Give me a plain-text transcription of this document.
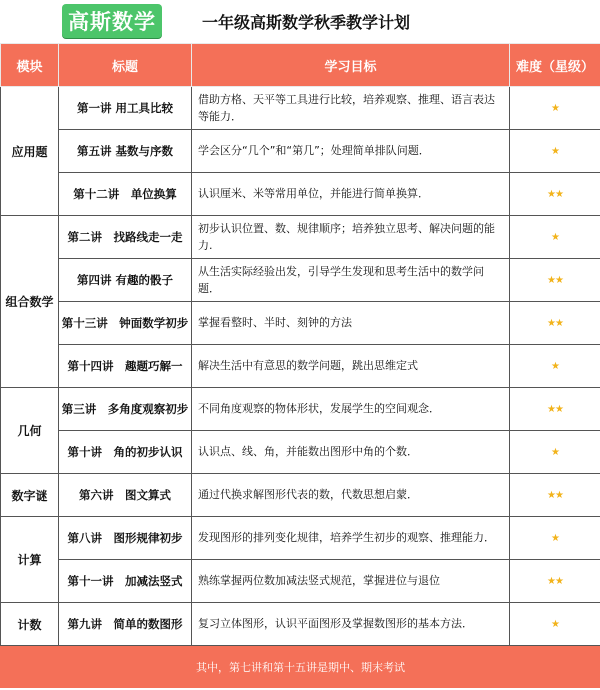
高斯数学	一年级高斯数学秋季教学计划
模块	标题	学习目标	难度（星级）
应用题	第一讲 用工具比较	借助方格、天平等工具进行比较，培养观察、推理、语言表达等能力．	★
	第五讲 基数与序数	学会区分“几个”和“第几”；处理简单排队问题．	★
	第十二讲　单位换算	认识厘米、米等常用单位，并能进行简单换算．	★★
组合数学	第二讲　找路线走一走	初步认识位置、数、规律顺序；培养独立思考、解决问题的能力.	★
	第四讲 有趣的骰子	从生活实际经验出发，引导学生发现和思考生活中的数学问题．	★★
	第十三讲　钟面数学初步	掌握看整时、半时、刻钟的方法	★★
	第十四讲　趣题巧解一	解决生活中有意思的数学问题，跳出思维定式	★
几何	第三讲　多角度观察初步	不同角度观察的物体形状，发展学生的空间观念．	★★
	第十讲　角的初步认识	认识点、线、角，并能数出图形中角的个数．	★
数字谜	第六讲　图文算式	通过代换求解图形代表的数，代数思想启蒙．	★★
计算	第八讲　图形规律初步	发现图形的排列变化规律，培养学生初步的观察、推理能力．	★
	第十一讲　加减法竖式	熟练掌握两位数加减法竖式规范，掌握进位与退位	★★
计数	第九讲　简单的数图形	复习立体图形，认识平面图形及掌握数图形的基本方法．	★
其中，第七讲和第十五讲是期中、期末考试			
